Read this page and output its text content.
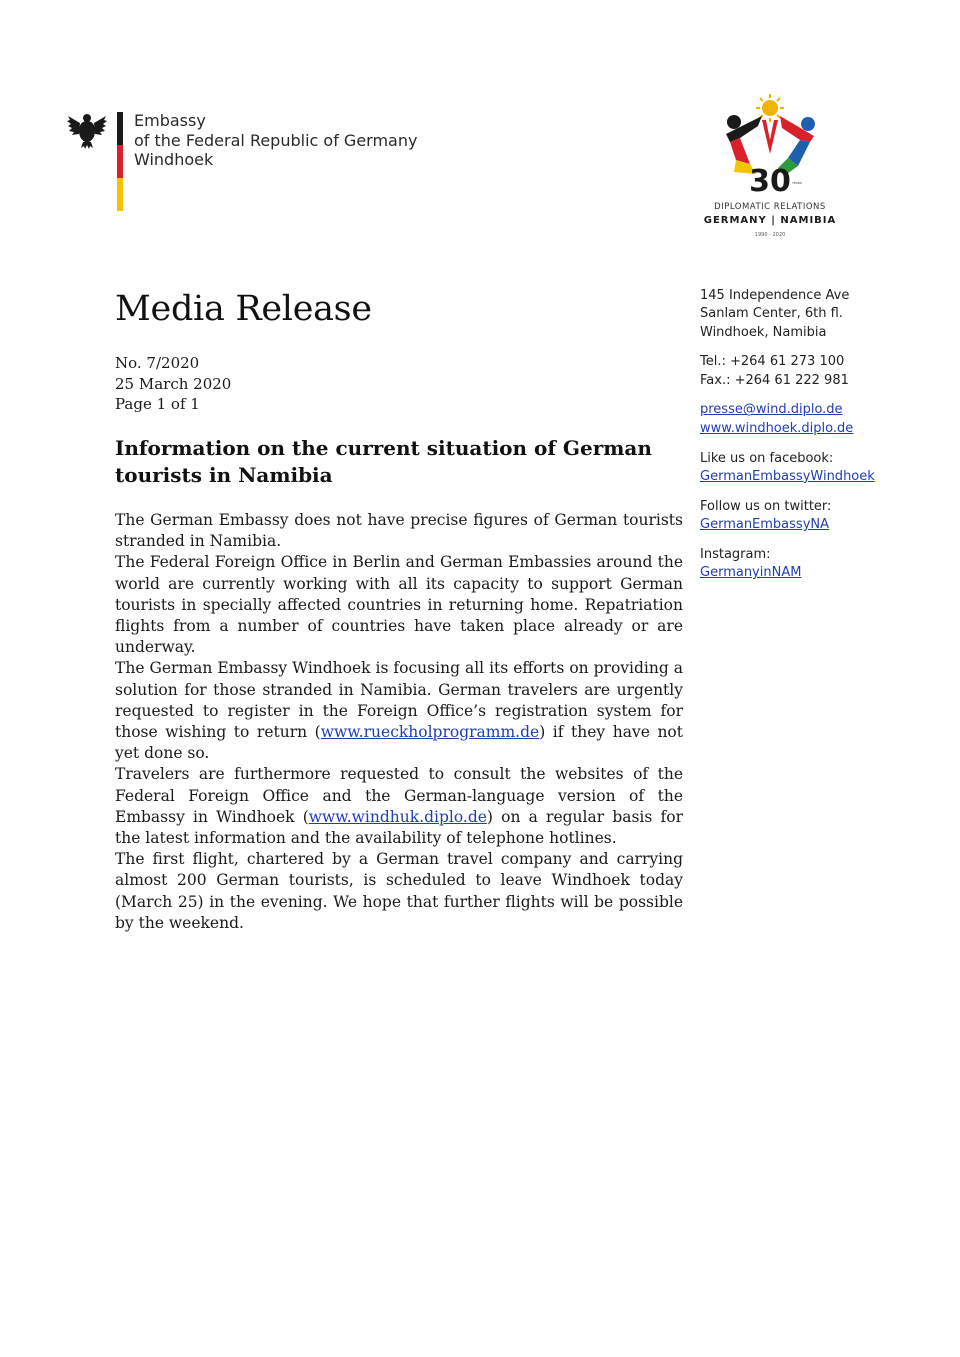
Embassy
of the Federal Republic of Germany
Windhoek
30 YEARS
DIPLOMATIC RELATIONS
GERMANY | NAMIBIA
1990 - 2020
Media Release
No. 7/2020
25 March 2020
Page 1 of 1
Information on the current situation of German tourists in Namibia

The German Embassy does not have precise figures of German tourists stranded in Namibia.

The Federal Foreign Office in Berlin and German Embassies around the world are currently working with all its capacity to support German tourists in specially affected countries in returning home. Repatriation flights from a number of countries have taken place already or are underway.

The German Embassy Windhoek is focusing all its efforts on providing a solution for those stranded in Namibia. German travelers are urgently requested to register in the Foreign Office’s registration system for those wishing to return (www.rueckholprogramm.de) if they have not yet done so.

Travelers are furthermore requested to consult the websites of the Federal Foreign Office and the German-language version of the Embassy in Windhoek (www.windhuk.diplo.de) on a regular basis for the latest information and the availability of telephone hotlines.

The first flight, chartered by a German travel company and carrying almost 200 German tourists, is scheduled to leave Windhoek today (March 25) in the evening. We hope that further flights will be possible by the weekend.

145 Independence Ave
Sanlam Center, 6th fl.
Windhoek, Namibia
Tel.: +264 61 273 100
Fax.: +264 61 222 981
presse@wind.diplo.de
www.windhoek.diplo.de
Like us on facebook:
GermanEmbassyWindhoek
Follow us on twitter:
GermanEmbassyNA
Instagram:
GermanyinNAM
